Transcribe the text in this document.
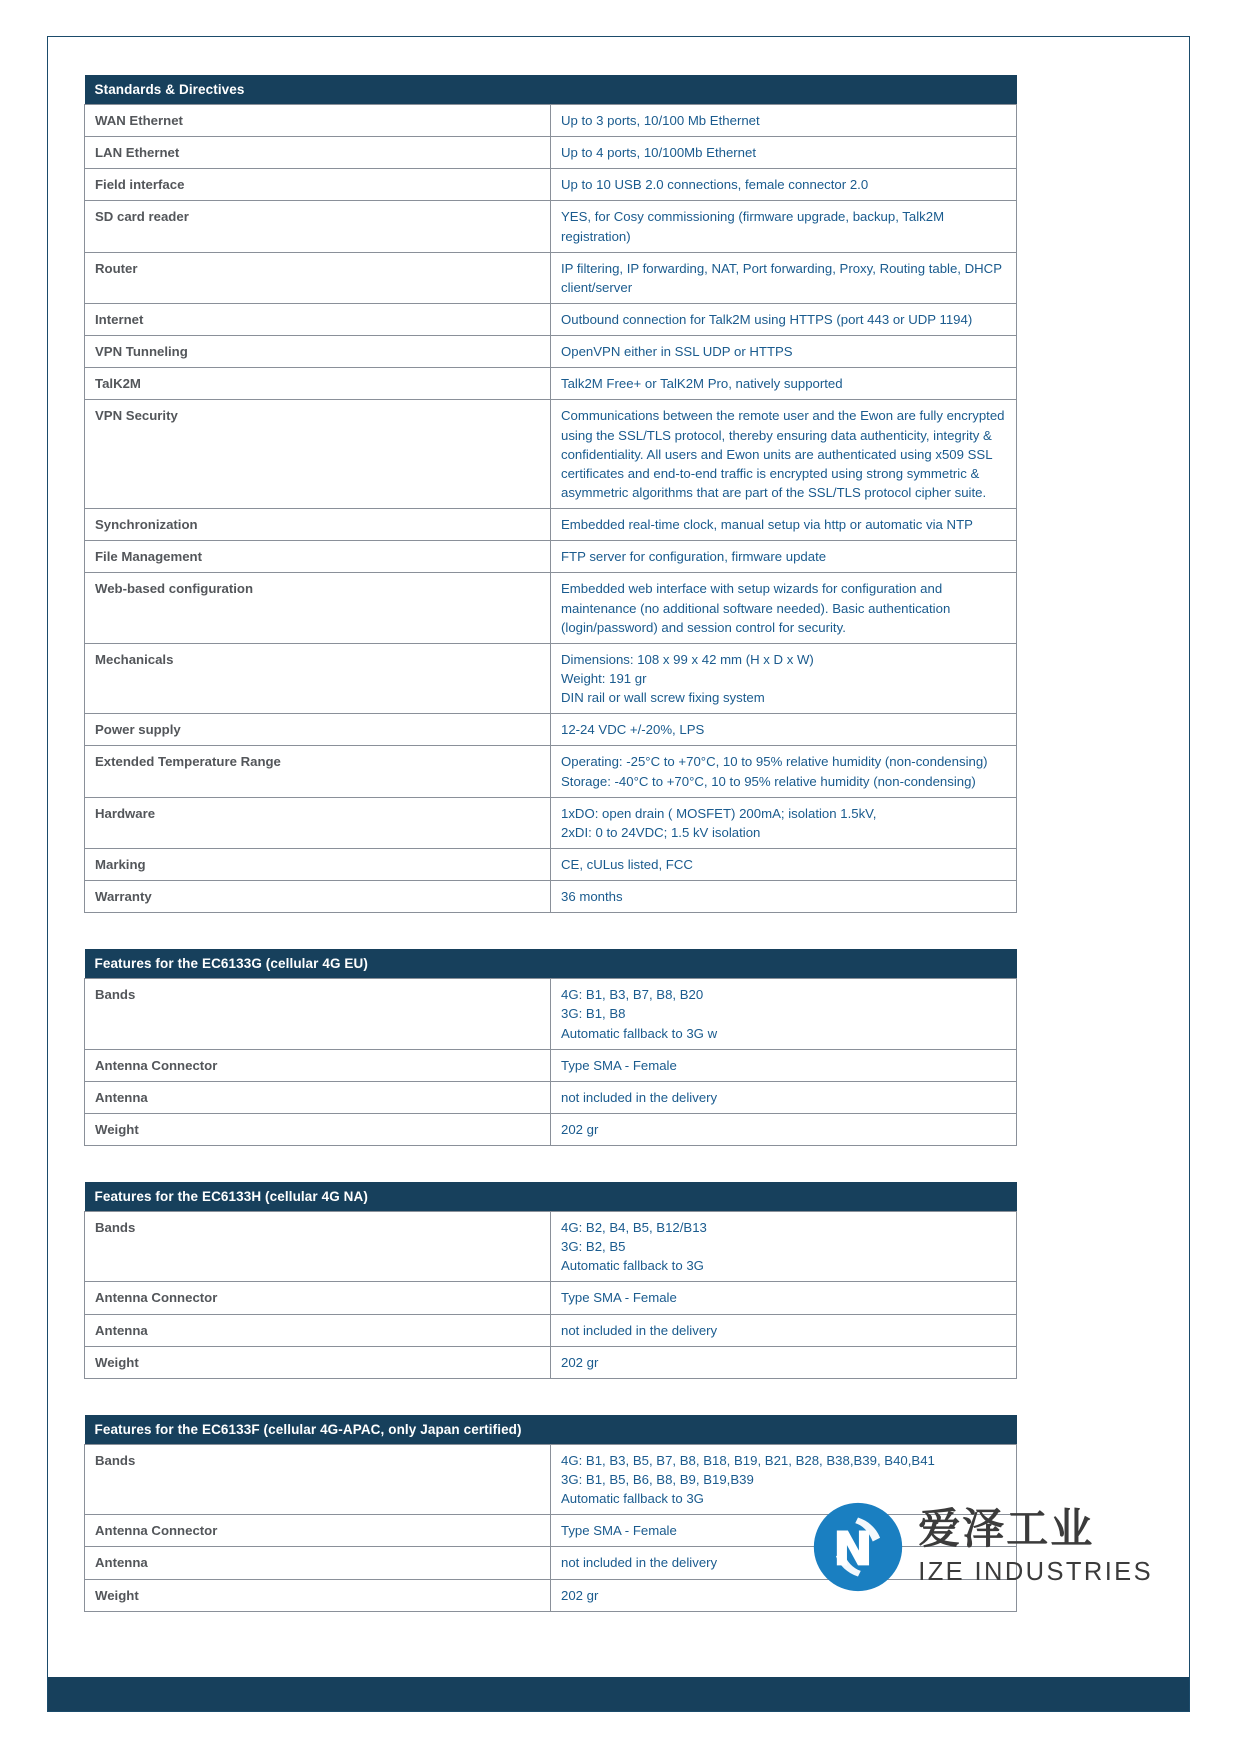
Standards & Directives	
WAN Ethernet	Up to 3 ports, 10/100 Mb Ethernet

LAN Ethernet	Up to 4 ports, 10/100Mb Ethernet

Field interface	Up to 10 USB 2.0 connections, female connector 2.0

SD card reader	YES, for Cosy commissioning (firmware upgrade, backup, Talk2M registration)

Router	IP filtering, IP forwarding, NAT, Port forwarding, Proxy, Routing table, DHCP client/server

Internet	Outbound connection for Talk2M using HTTPS (port 443 or UDP 1194)

VPN Tunneling	OpenVPN either in SSL UDP or HTTPS

TalK2M	Talk2M Free+ or TalK2M Pro, natively supported

VPN Security	Communications between the remote user and the Ewon are fully encrypted using the SSL/TLS protocol, thereby ensuring data authenticity, integrity & confidentiality. All users and Ewon units are authenticated using x509 SSL certificates and end-to-end traffic is encrypted using strong symmetric & asymmetric algorithms that are part of the SSL/TLS protocol cipher suite.

Synchronization	Embedded real-time clock, manual setup via http or automatic via NTP

File Management	FTP server for configuration, firmware update

Web-based configuration	Embedded web interface with setup wizards for configuration and maintenance (no additional software needed). Basic authentication (login/password) and session control for security.

Mechanicals	Dimensions: 108 x 99 x 42 mm (H x D x W)
Weight: 191 gr
DIN rail or wall screw fixing system

Power supply	12-24 VDC +/-20%, LPS

Extended Temperature Range	Operating: -25°C to +70°C, 10 to 95% relative humidity (non-condensing)
Storage: -40°C to +70°C, 10 to 95% relative humidity (non-condensing)

Hardware	1xDO: open drain ( MOSFET) 200mA; isolation 1.5kV,
2xDI: 0 to 24VDC; 1.5 kV isolation

Marking	CE, cULus listed, FCC

Warranty	36 months
Features for the EC6133G (cellular 4G EU)	
Bands	4G: B1, B3, B7, B8, B20
3G: B1, B8
Automatic fallback to 3G w

Antenna Connector	Type SMA - Female

Antenna	not included in the delivery

Weight	202 gr
Features for the EC6133H (cellular 4G NA)	
Bands	4G: B2, B4, B5, B12/B13
3G: B2, B5
Automatic fallback to 3G

Antenna Connector	Type SMA - Female

Antenna	not included in the delivery

Weight	202 gr
Features for the EC6133F (cellular 4G-APAC, only Japan certified)	
Bands	4G: B1, B3, B5, B7, B8, B18, B19, B21, B28, B38,B39, B40,B41
3G: B1, B5, B6, B8, B9, B19,B39
Automatic fallback to 3G

Antenna Connector	Type SMA - Female

Antenna	not included in the delivery

Weight	202 gr
爱泽工业
IZE INDUSTRIES
